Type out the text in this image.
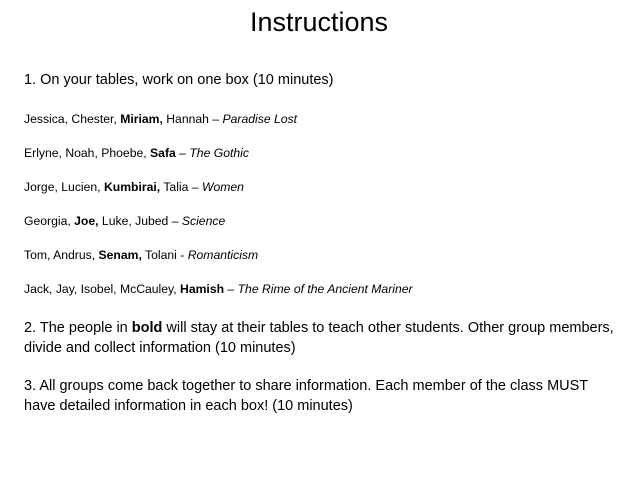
Instructions
1. On your tables, work on one box (10 minutes)
Jessica, Chester, Miriam, Hannah – Paradise Lost
Erlyne, Noah, Phoebe, Safa – The Gothic
Jorge, Lucien, Kumbirai, Talia – Women
Georgia, Joe, Luke, Jubed – Science
Tom, Andrus, Senam, Tolani - Romanticism
Jack, Jay, Isobel, McCauley, Hamish – The Rime of the Ancient Mariner
2. The people in bold will stay at their tables to teach other students. Other group members, divide and collect information (10 minutes)
3. All groups come back together to share information. Each member of the class MUST have detailed information in each box! (10 minutes)
